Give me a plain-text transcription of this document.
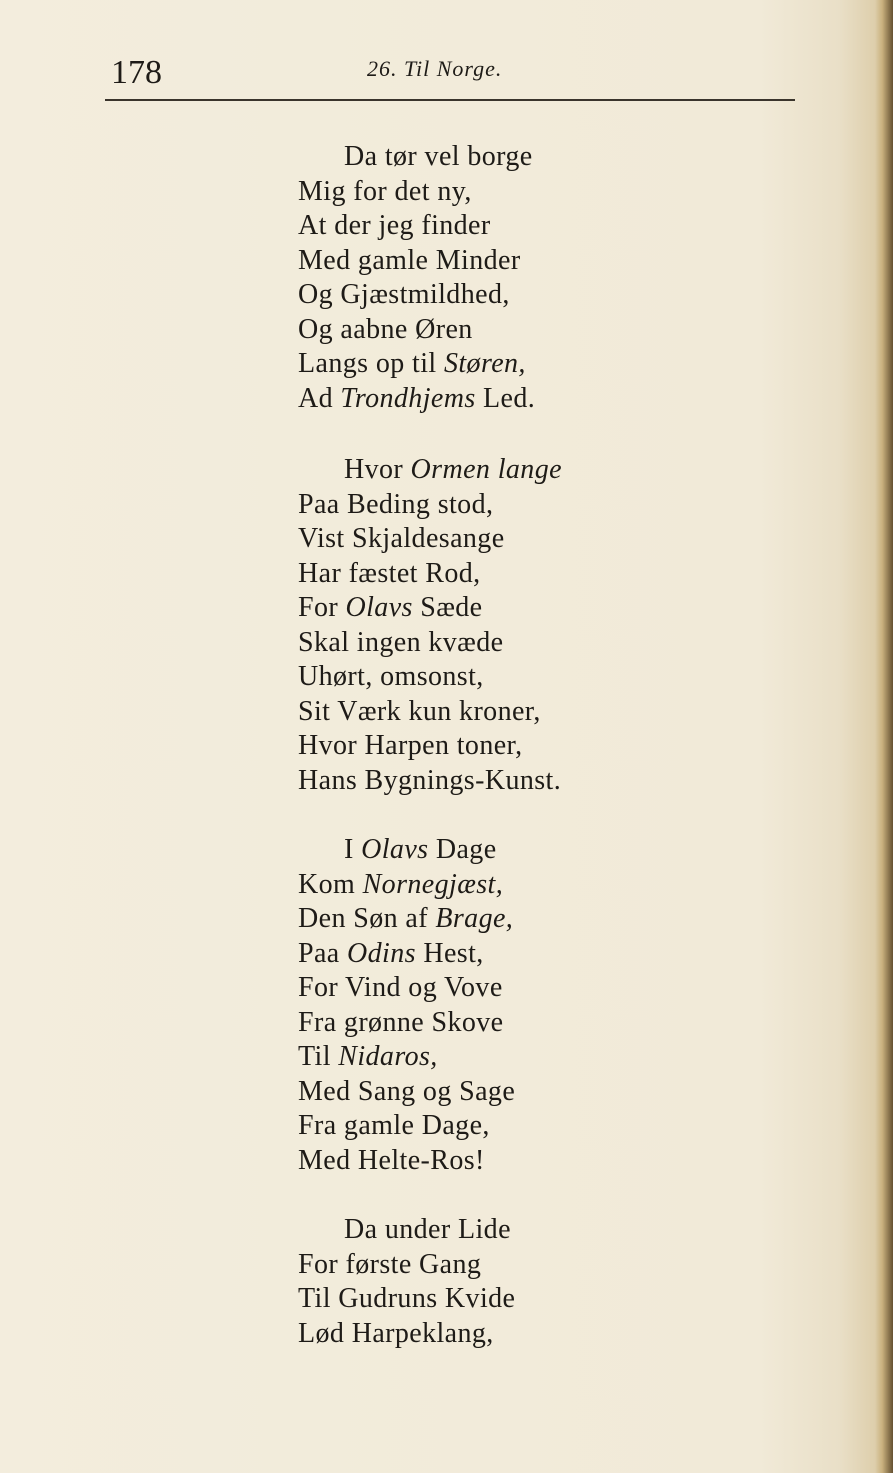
178	26. Til Norge.
Da tør vel borge
Mig for det ny,
At der jeg finder
Med gamle Minder
Og Gjæstmildhed,
Og aabne Øren
Langs op til Støren,
Ad Trondhjems Led.
Hvor Ormen lange
Paa Beding stod,
Vist Skjaldesange
Har fæstet Rod,
For Olavs Sæde
Skal ingen kvæde
Uhørt, omsonst,
Sit Værk kun kroner,
Hvor Harpen toner,
Hans Bygnings-Kunst.
I Olavs Dage
Kom Nornegjæst,
Den Søn af Brage,
Paa Odins Hest,
For Vind og Vove
Fra grønne Skove
Til Nidaros,
Med Sang og Sage
Fra gamle Dage,
Med Helte-Ros!
Da under Lide
For første Gang
Til Gudruns Kvide
Lød Harpeklang,
